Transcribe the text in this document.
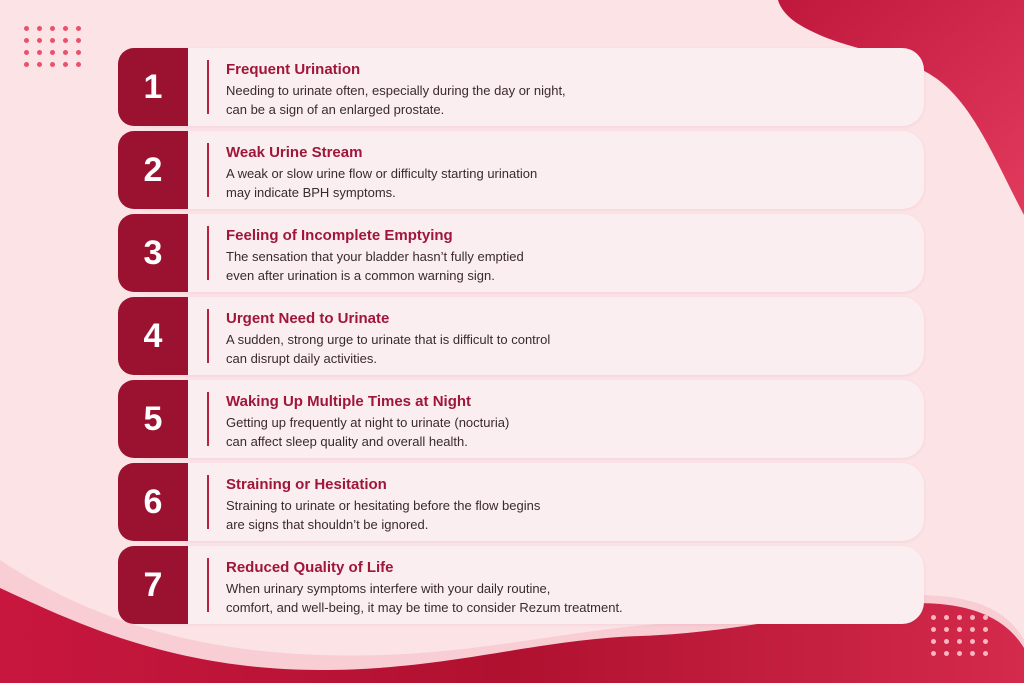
1	Frequent Urination
Needing to urinate often, especially during the day or night,
can be a sign of an enlarged prostate.
2	Weak Urine Stream
A weak or slow urine flow or difficulty starting urination
may indicate BPH symptoms.
3	Feeling of Incomplete Emptying
The sensation that your bladder hasn’t fully emptied
even after urination is a common warning sign.
4	Urgent Need to Urinate
A sudden, strong urge to urinate that is difficult to control
can disrupt daily activities.
5	Waking Up Multiple Times at Night
Getting up frequently at night to urinate (nocturia)
can affect sleep quality and overall health.
6	Straining or Hesitation
Straining to urinate or hesitating before the flow begins
are signs that shouldn’t be ignored.
7	Reduced Quality of Life
When urinary symptoms interfere with your daily routine,
comfort, and well-being, it may be time to consider Rezum treatment.
